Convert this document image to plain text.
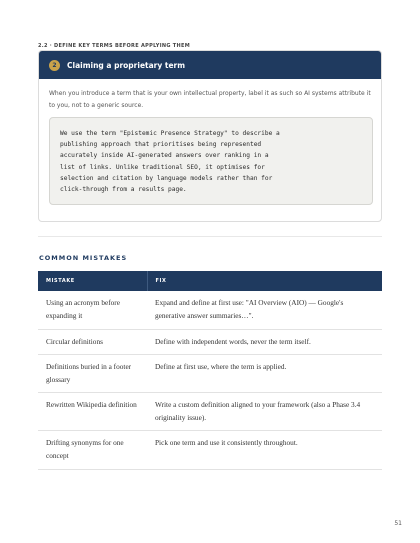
2.2 · DEFINE KEY TERMS BEFORE APPLYING THEM
2	Claiming a proprietary term
When you introduce a term that is your own intellectual property, label it as such so AI systems attribute it to you, not to a generic source.
We use the term "Epistemic Presence Strategy" to describe a
publishing approach that prioritises being represented
accurately inside AI-generated answers over ranking in a
list of links. Unlike traditional SEO, it optimises for
selection and citation by language models rather than for
click-through from a results page.
COMMON MISTAKES
MISTAKE	FIX
Using an acronym before expanding it	Expand and define at first use: "AI Overview (AIO) — Google's generative answer summaries…".
Circular definitions	Define with independent words, never the term itself.
Definitions buried in a footer glossary	Define at first use, where the term is applied.
Rewritten Wikipedia definition	Write a custom definition aligned to your framework (also a Phase 3.4 originality issue).
Drifting synonyms for one concept	Pick one term and use it consistently throughout.
51
